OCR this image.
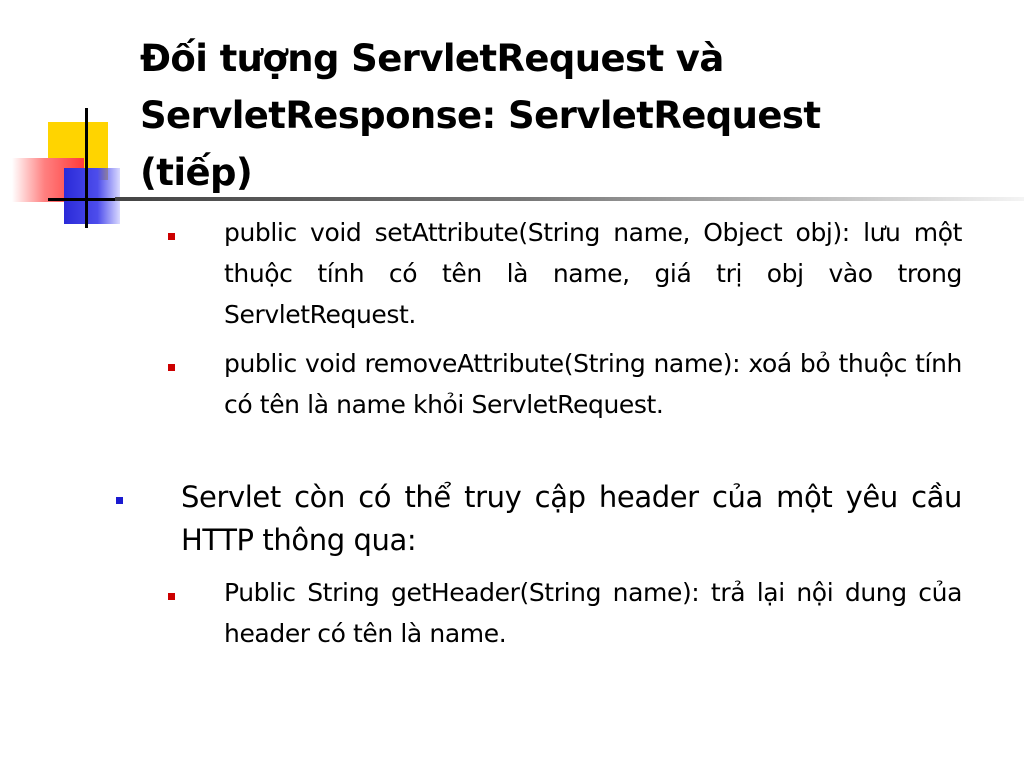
Đối tượng ServletRequest và
ServletResponse: ServletRequest
(tiếp)

public void setAttribute(String name, Object obj): lưu một thuộc tính có tên là name, giá trị obj vào trong ServletRequest.

public void removeAttribute(String name): xoá bỏ thuộc tính có tên là name khỏi ServletRequest.

Servlet còn có thể truy cập header của một yêu cầu HTTP thông qua:

Public String getHeader(String name): trả lại nội dung của header có tên là name.
